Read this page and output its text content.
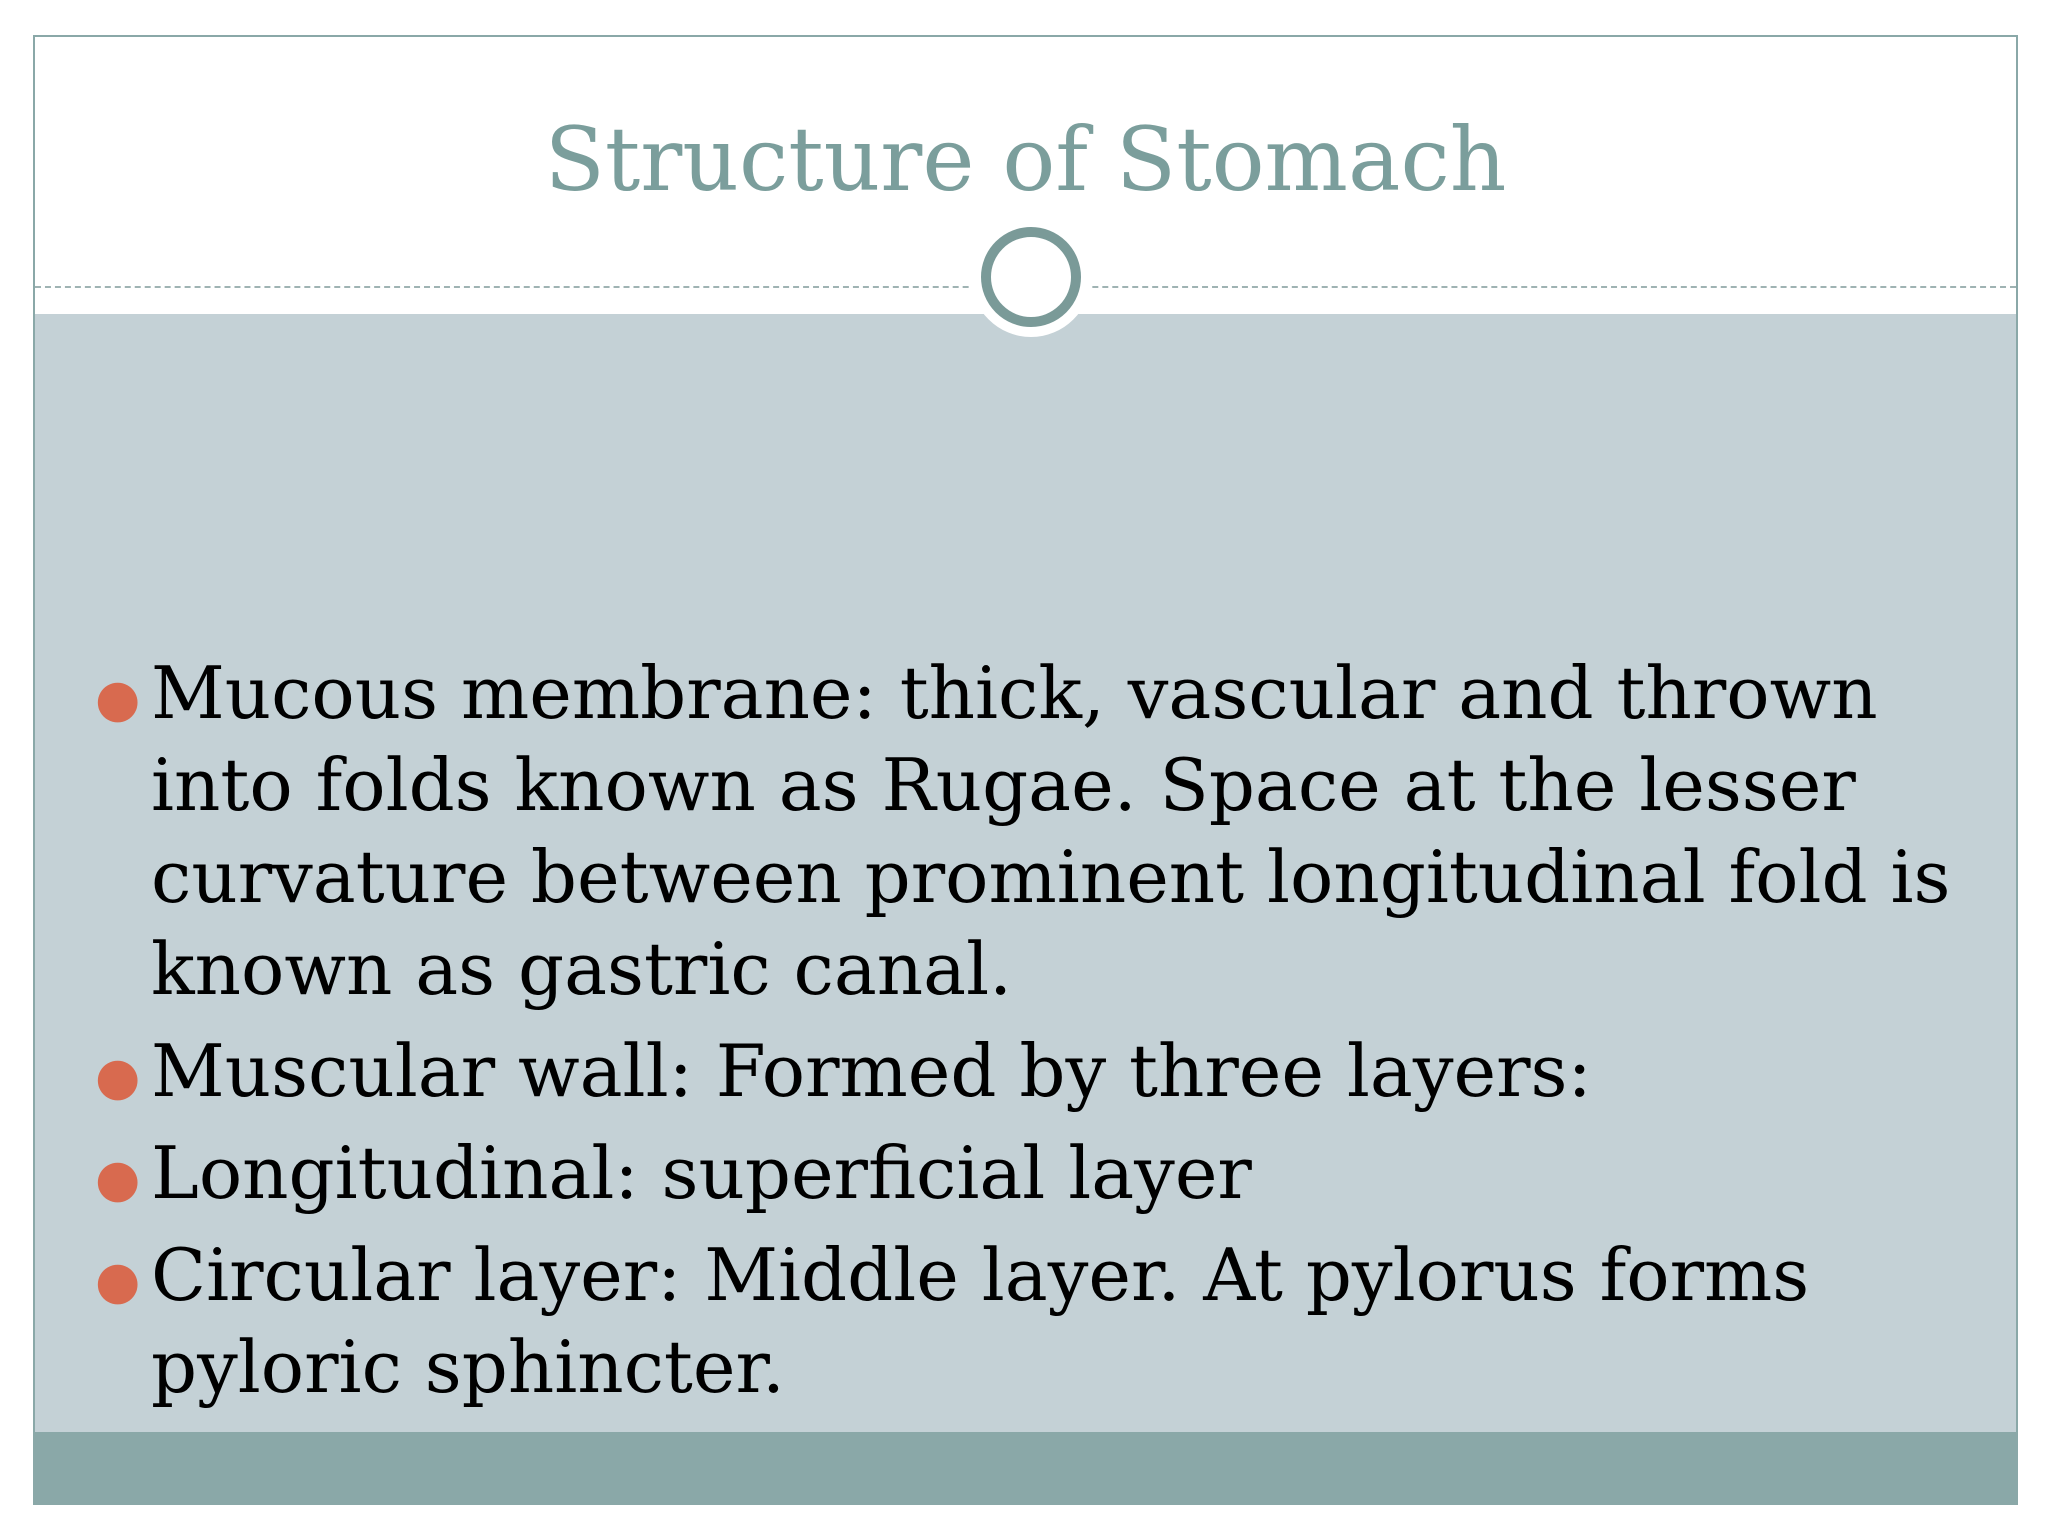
Structure of Stomach
● Mucous membrane: thick, vascular and thrown into folds known as Rugae. Space at the lesser curvature between prominent longitudinal fold is known as gastric canal.
● Muscular wall: Formed by three layers:
● Longitudinal: superficial layer
● Circular layer: Middle layer. At pylorus forms pyloric sphincter.
